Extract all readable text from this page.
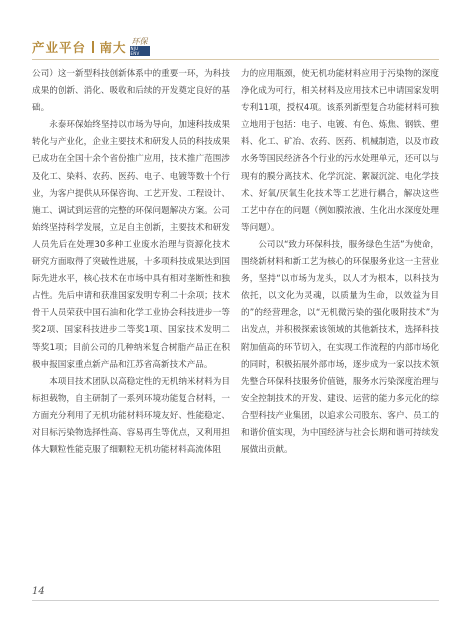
产业平台 南大 环保
NJU ENV

公司）这一新型科技创新体系中的重要一环，为科技成果的创新、消化、吸收和后续的开发奠定良好的基础。

永泰环保始终坚持以市场为导向，加速科技成果转化与产业化，企业主要技术和研发人员的科技成果已成功在全国十余个省份推广应用，技术推广范围涉及化工、染料、农药、医药、电子、电镀等数十个行业，为客户提供从环保咨询、工艺开发、工程设计、施工、调试到运营的完整的环保问题解决方案。公司始终坚持科学发展，立足自主创新，主要技术和研发人员先后在处理30多种工业废水治理与资源化技术研究方面取得了突破性进展，十多项科技成果达到国际先进水平，核心技术在市场中具有相对垄断性和独占性。先后申请和获准国家发明专利二十余项；技术骨干人员荣获中国石油和化学工业协会科技进步一等奖2项、国家科技进步二等奖1项、国家技术发明二等奖1项；目前公司的几种纳米复合树脂产品正在积极申报国家重点新产品和江苏省高新技术产品。

本项目技术团队以高稳定性的无机纳米材料为目标担载物，自主研制了一系列环境功能复合材料，一方面充分利用了无机功能材料环境友好、性能稳定、对目标污染物选择性高、容易再生等优点，又利用担体大颗粒性能克服了细颗粒无机功能材料高流体阻

力的应用瓶颈，使无机功能材料应用于污染物的深度净化成为可行，相关材料及应用技术已申请国家发明专利11项，授权4项。该系列新型复合功能材料可独立地用于包括：电子、电镀、有色、炼焦、钢铁、塑料、化工、矿冶、农药、医药、机械制造，以及市政水务等国民经济各个行业的污水处理单元，还可以与现有的膜分离技术、化学沉淀、絮凝沉淀、电化学技术、好氧/厌氧生化技术等工艺进行耦合，解决这些工艺中存在的问题（例如膜浓液、生化出水深度处理等问题）。

公司以“致力环保科技，服务绿色生活”为使命，围绕新材料和新工艺为核心的环保服务业这一主营业务，坚持“以市场为龙头，以人才为根本，以科技为依托，以文化为灵魂，以质量为生命，以效益为目的”的经营理念，以“无机微污染的强化吸附技术”为出发点，并积极探索该领域的其他新技术，选择科技附加值高的环节切入，在实现工作流程的内部市场化的同时，积极拓展外部市场，逐步成为一家以技术领先整合环保科技服务价值链，服务水污染深度治理与安全控制技术的开发、建设、运营的能力多元化的综合型科技产业集团，以追求公司股东、客户、员工的和谐价值实现，为中国经济与社会长期和谐可持续发展做出贡献。

14
